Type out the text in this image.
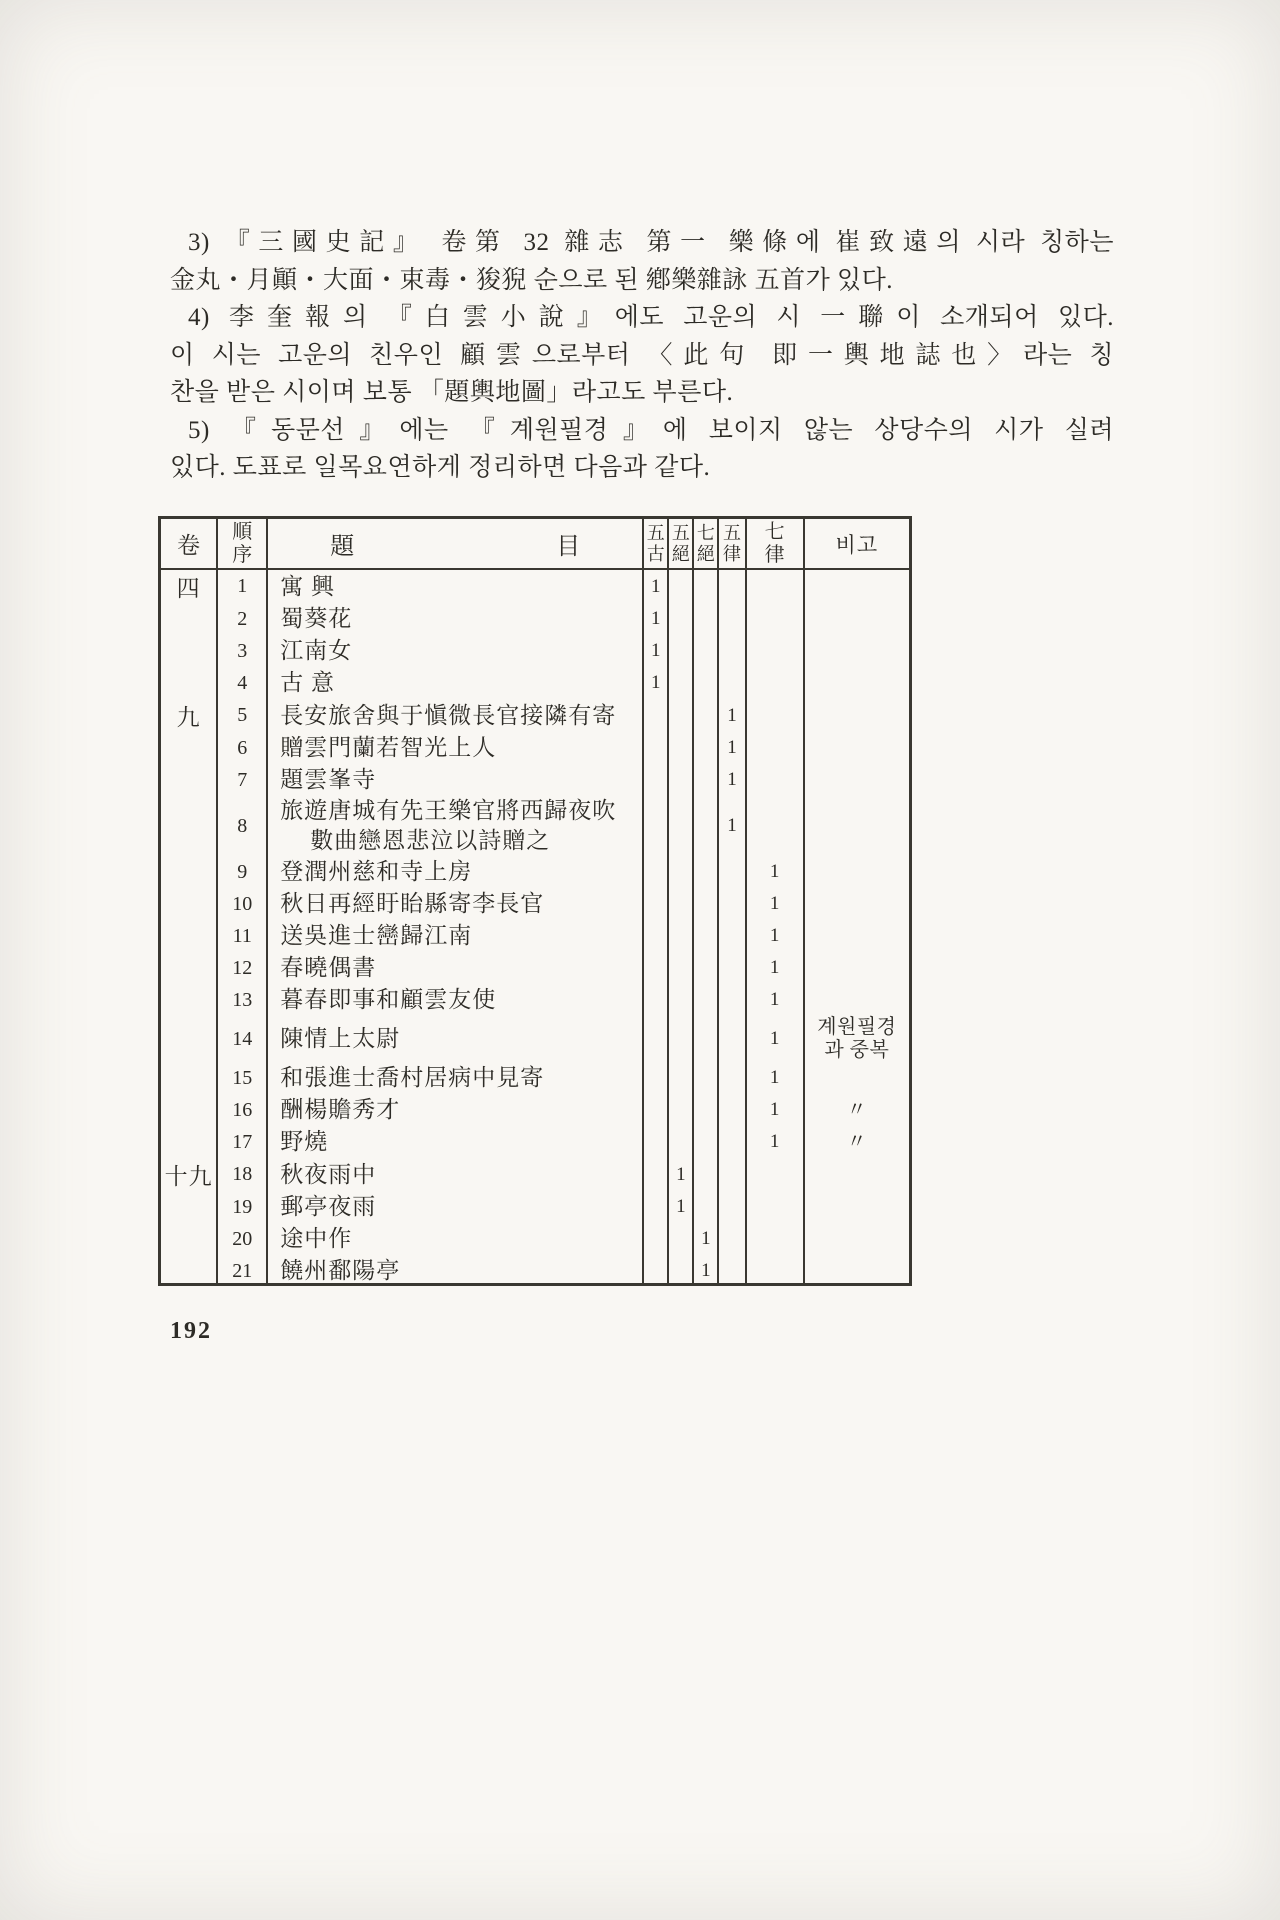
3) 『三國史記』 卷第 32 雜志 第一 樂條에 崔致遠의 시라 칭하는
金丸・月顚・大面・束毒・狻猊 순으로 된 鄕樂雜詠 五首가 있다.
4) 李奎報의 『白雲小說』에도 고운의 시 一聯이 소개되어 있다.
이 시는 고운의 친우인 顧雲으로부터 〈此句 即一輿地誌也〉라는 칭
찬을 받은 시이며 보통 「題輿地圖」라고도 부른다.
5) 『동문선』에는 『계원필경』에 보이지 않는 상당수의 시가 실려
있다. 도표로 일목요연하게 정리하면 다음과 같다.
卷	順序	題 目	五古	五絕	七絕	五律	七律	비고
四	1	寓 興	1					
	2	蜀葵花	1					
	3	江南女	1					
	4	古 意	1					
九	5	長安旅舍與于愼微長官接隣有寄				1		
	6	贈雲門蘭若智光上人				1		
	7	題雲峯寺				1		
	8	旅遊唐城有先王樂官將西歸夜吹
數曲戀恩悲泣以詩贈之				1		
	9	登潤州慈和寺上房					1	
	10	秋日再經盱眙縣寄李長官					1	
	11	送吳進士巒歸江南					1	
	12	春曉偶書					1	
	13	暮春即事和顧雲友使					1	
	14	陳情上太尉					1	계원필경
과 중복

	15	和張進士喬村居病中見寄					1	
	16	酬楊贍秀才					1	〃

	17	野燒					1	〃

十九	18	秋夜雨中		1				
	19	郵亭夜雨		1				
	20	途中作			1			
	21	饒州鄱陽亭			1			
192
